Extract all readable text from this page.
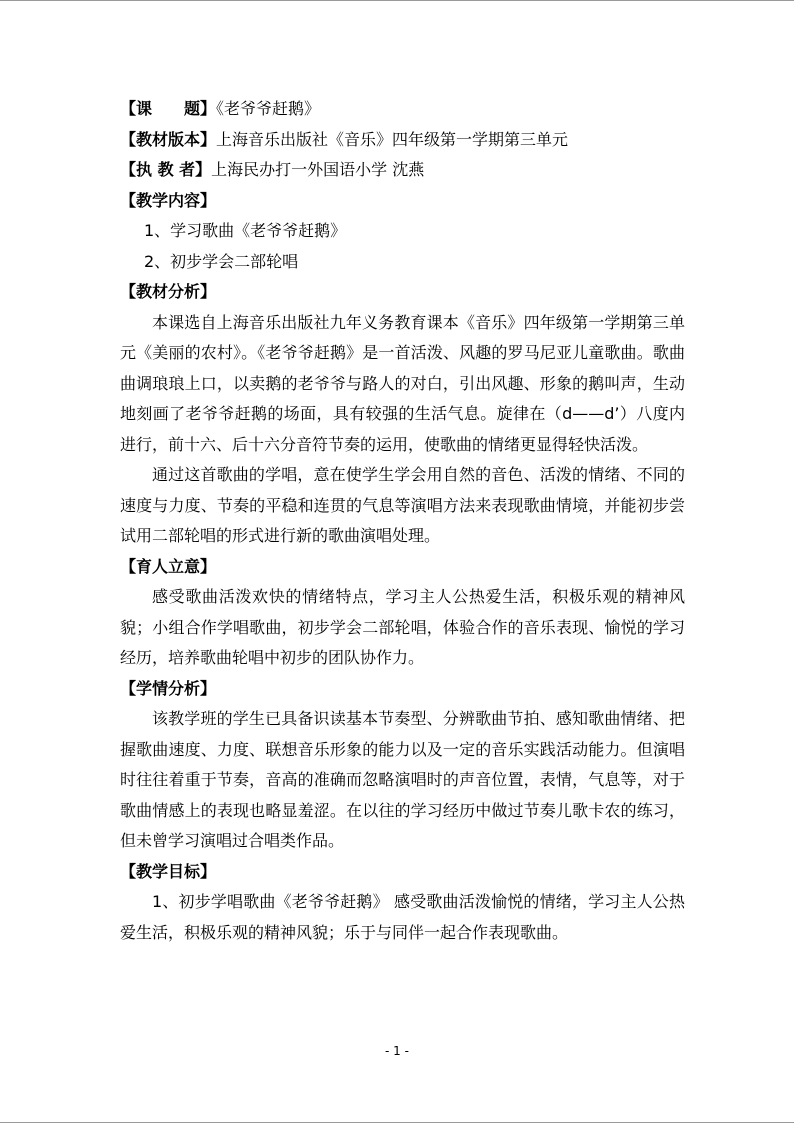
【课　　题】《老爷爷赶鹅》
【教材版本】上海音乐出版社《音乐》四年级第一学期第三单元
【执 教 者】上海民办打一外国语小学 沈燕
【教学内容】
1、学习歌曲《老爷爷赶鹅》
2、初步学会二部轮唱
【教材分析】

本课选自上海音乐出版社九年义务教育课本《音乐》四年级第一学期第三单元《美丽的农村》。《老爷爷赶鹅》是一首活泼、风趣的罗马尼亚儿童歌曲。歌曲曲调琅琅上口，以卖鹅的老爷爷与路人的对白，引出风趣、形象的鹅叫声，生动地刻画了老爷爷赶鹅的场面，具有较强的生活气息。旋律在（d——d’）八度内进行，前十六、后十六分音符节奏的运用，使歌曲的情绪更显得轻快活泼。

通过这首歌曲的学唱，意在使学生学会用自然的音色、活泼的情绪、不同的速度与力度、节奏的平稳和连贯的气息等演唱方法来表现歌曲情境，并能初步尝试用二部轮唱的形式进行新的歌曲演唱处理。

【育人立意】

感受歌曲活泼欢快的情绪特点，学习主人公热爱生活，积极乐观的精神风貌；小组合作学唱歌曲，初步学会二部轮唱，体验合作的音乐表现、愉悦的学习经历，培养歌曲轮唱中初步的团队协作力。

【学情分析】

该教学班的学生已具备识读基本节奏型、分辨歌曲节拍、感知歌曲情绪、把握歌曲速度、力度、联想音乐形象的能力以及一定的音乐实践活动能力。但演唱时往往着重于节奏，音高的准确而忽略演唱时的声音位置，表情，气息等，对于歌曲情感上的表现也略显羞涩。在以往的学习经历中做过节奏儿歌卡农的练习，但未曾学习演唱过合唱类作品。

【教学目标】

1、初步学唱歌曲《老爷爷赶鹅》 感受歌曲活泼愉悦的情绪，学习主人公热爱生活，积极乐观的精神风貌；乐于与同伴一起合作表现歌曲。

- 1 -
